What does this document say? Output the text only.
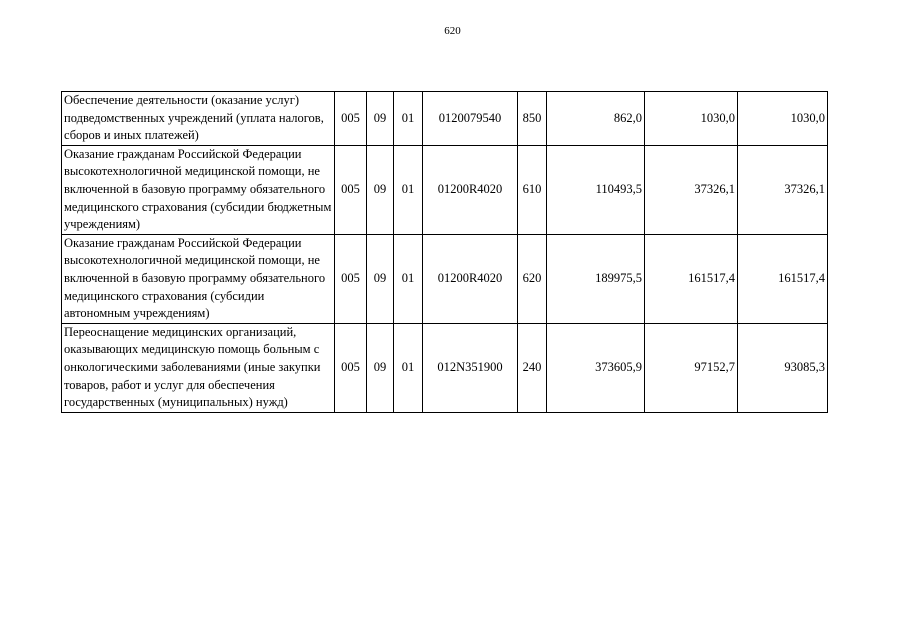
620
Обеспечение деятельности (оказание услуг) подведомственных учреждений (уплата налогов, сборов и иных платежей)	005	09	01	0120079540	850	862,0	1030,0	1030,0
Оказание гражданам Российской Федерации высокотехнологичной медицинской помощи, не включенной в базовую программу обязательного медицинского страхования (субсидии бюджетным учреждениям)	005	09	01	01200R4020	610	110493,5	37326,1	37326,1
Оказание гражданам Российской Федерации высокотехнологичной медицинской помощи, не включенной в базовую программу обязательного медицинского страхования (субсидии автономным учреждениям)	005	09	01	01200R4020	620	189975,5	161517,4	161517,4
Переоснащение медицинских организаций, оказывающих медицинскую помощь больным с онкологическими заболеваниями (иные закупки товаров, работ и услуг для обеспечения государственных (муниципальных) нужд)	005	09	01	012N351900	240	373605,9	97152,7	93085,3
